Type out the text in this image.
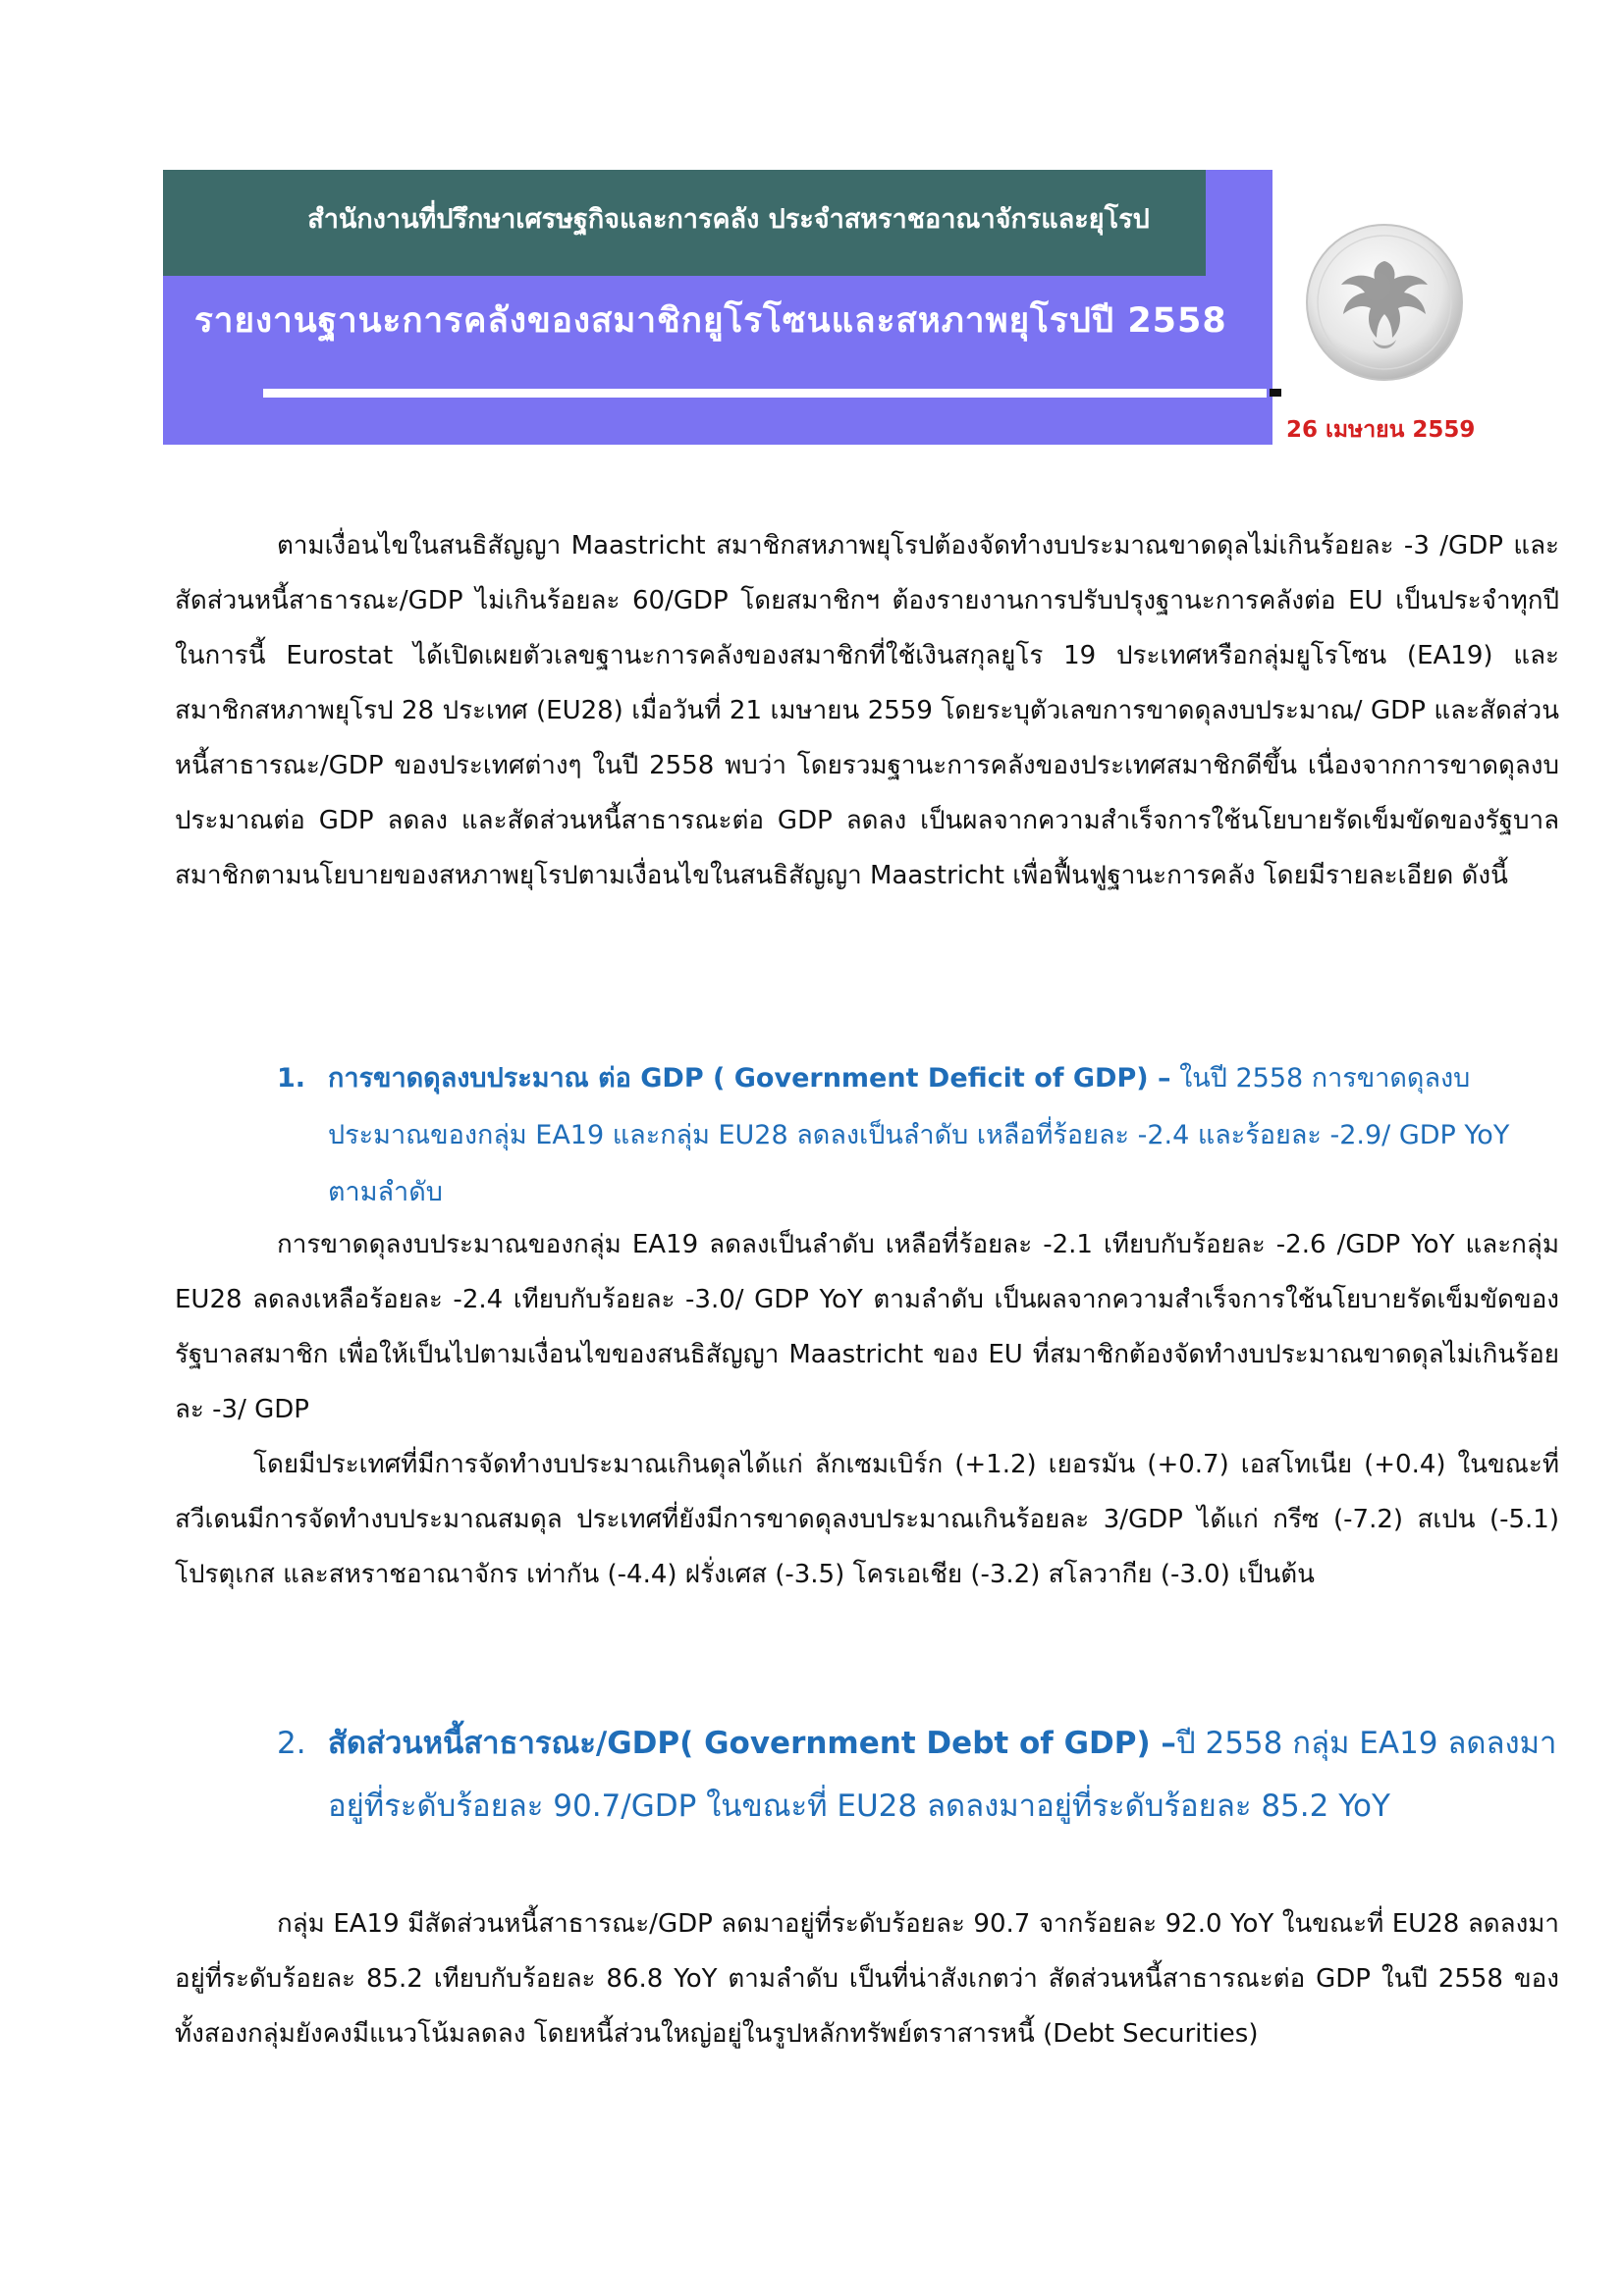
สำนักงานที่ปรึกษาเศรษฐกิจและการคลัง ประจำสหราชอาณาจักรและยุโรป
รายงานฐานะการคลังของสมาชิกยูโรโซนและสหภาพยุโรปปี 2558
26 เมษายน 2559

ตามเงื่อนไขในสนธิสัญญา Maastricht สมาชิกสหภาพยุโรปต้องจัดทำงบประมาณขาดดุลไม่เกินร้อยละ -3 /GDP และสัดส่วนหนี้สาธารณะ/GDP ไม่เกินร้อยละ 60/GDP โดยสมาชิกฯ ต้องรายงานการปรับปรุงฐานะการคลังต่อ EU เป็นประจำทุกปี ในการนี้ Eurostat ได้เปิดเผยตัวเลขฐานะการคลังของสมาชิกที่ใช้เงินสกุลยูโร 19 ประเทศหรือกลุ่มยูโรโซน (EA19) และสมาชิกสหภาพยุโรป 28 ประเทศ (EU28) เมื่อวันที่ 21 เมษายน 2559 โดยระบุตัวเลขการขาดดุลงบประมาณ/ GDP และสัดส่วนหนี้สาธารณะ/GDP ของประเทศต่างๆ ในปี 2558 พบว่า โดยรวมฐานะการคลังของประเทศสมาชิกดีขึ้น เนื่องจากการขาดดุลงบประมาณต่อ GDP ลดลง และสัดส่วนหนี้สาธารณะต่อ GDP ลดลง เป็นผลจากความสำเร็จการใช้นโยบายรัดเข็มขัดของรัฐบาลสมาชิกตามนโยบายของสหภาพยุโรปตามเงื่อนไขในสนธิสัญญา Maastricht เพื่อฟื้นฟูฐานะการคลัง โดยมีรายละเอียด ดังนี้

1. การขาดดุลงบประมาณ ต่อ GDP ( Government Deficit of GDP) – ในปี 2558 การขาดดุลงบประมาณของกลุ่ม EA19 และกลุ่ม EU28 ลดลงเป็นลำดับ เหลือที่ร้อยละ -2.4 และร้อยละ -2.9/ GDP YoY ตามลำดับ

การขาดดุลงบประมาณของกลุ่ม EA19 ลดลงเป็นลำดับ เหลือที่ร้อยละ -2.1 เทียบกับร้อยละ -2.6 /GDP YoY และกลุ่ม EU28 ลดลงเหลือร้อยละ -2.4 เทียบกับร้อยละ -3.0/ GDP YoY ตามลำดับ เป็นผลจากความสำเร็จการใช้นโยบายรัดเข็มขัดของรัฐบาลสมาชิก เพื่อให้เป็นไปตามเงื่อนไขของสนธิสัญญา Maastricht ของ EU ที่สมาชิกต้องจัดทำงบประมาณขาดดุลไม่เกินร้อยละ -3/ GDP

โดยมีประเทศที่มีการจัดทำงบประมาณเกินดุลได้แก่ ลักเซมเบิร์ก (+1.2) เยอรมัน (+0.7) เอสโทเนีย (+0.4) ในขณะที่ สวีเดนมีการจัดทำงบประมาณสมดุล ประเทศที่ยังมีการขาดดุลงบประมาณเกินร้อยละ 3/GDP ได้แก่ กรีซ (-7.2) สเปน (-5.1) โปรตุเกส และสหราชอาณาจักร เท่ากัน (-4.4) ฝรั่งเศส (-3.5) โครเอเชีย (-3.2) สโลวากีย (-3.0) เป็นต้น

2. สัดส่วนหนี้สาธารณะ/GDP( Government Debt of GDP) –ปี 2558 กลุ่ม EA19 ลดลงมาอยู่ที่ระดับร้อยละ 90.7/GDP ในขณะที่ EU28 ลดลงมาอยู่ที่ระดับร้อยละ 85.2 YoY

กลุ่ม EA19 มีสัดส่วนหนี้สาธารณะ/GDP ลดมาอยู่ที่ระดับร้อยละ 90.7 จากร้อยละ 92.0 YoY ในขณะที่ EU28 ลดลงมาอยู่ที่ระดับร้อยละ 85.2 เทียบกับร้อยละ 86.8 YoY ตามลำดับ เป็นที่น่าสังเกตว่า สัดส่วนหนี้สาธารณะต่อ GDP ในปี 2558 ของทั้งสองกลุ่มยังคงมีแนวโน้มลดลง โดยหนี้ส่วนใหญ่อยู่ในรูปหลักทรัพย์ตราสารหนี้ (Debt Securities)
